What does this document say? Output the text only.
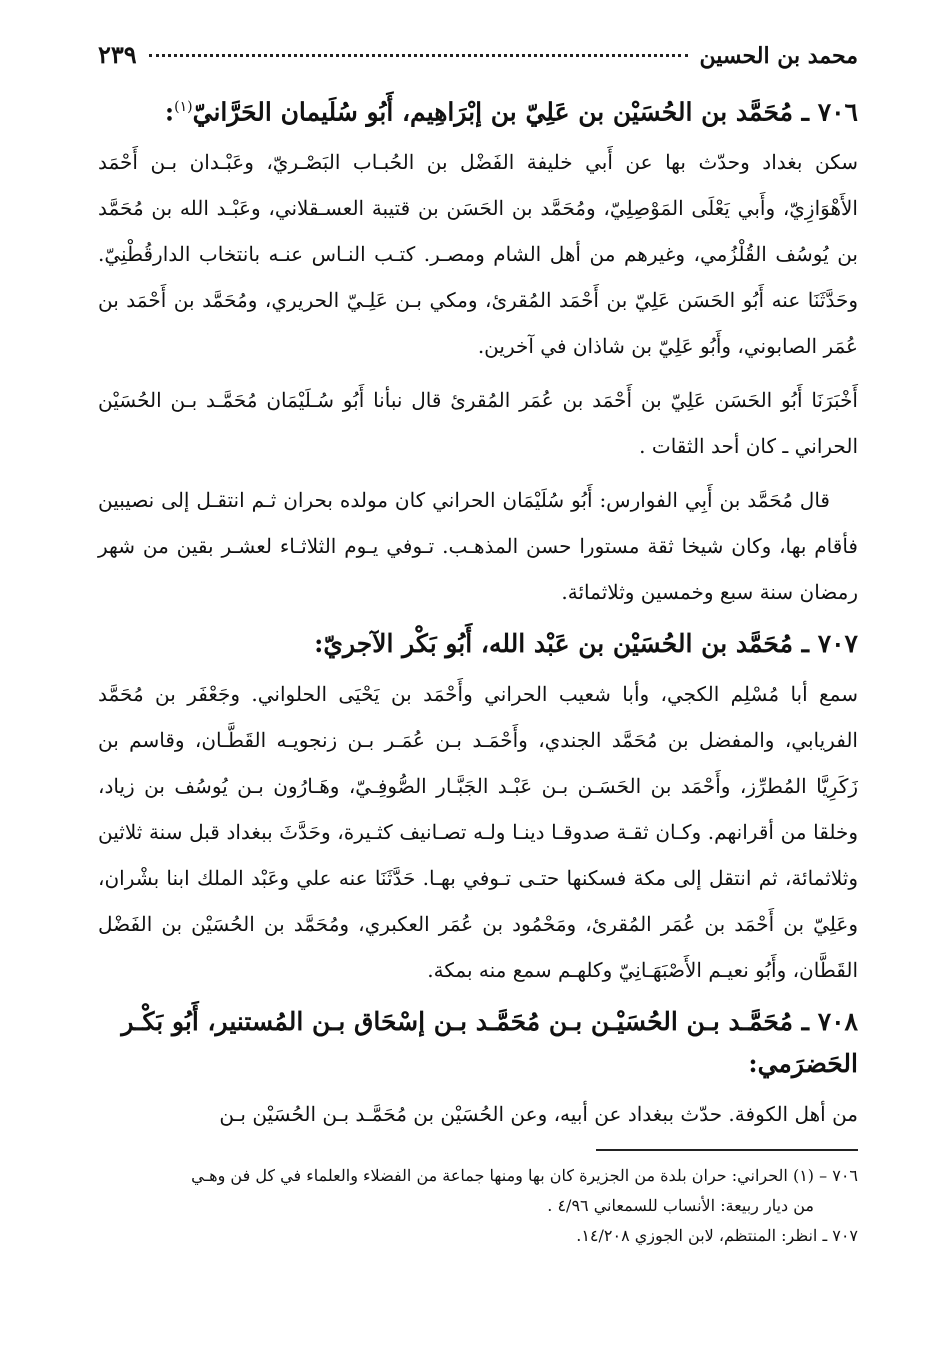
محمد بن الحسين
٢٣٩
٧٠٦ ـ مُحَمَّد بن الحُسَيْن بن عَلِيّ بن إبْرَاهِيم، أَبُو سُلَيمان الحَرَّانيّ$^{(١)}$:

سكن بغداد وحدّث بها عن أَبي خليفة الفَضْل بن الحُبـاب البَصْـريّ، وعَبْـدان بـن أَحْمَد الأَهْوَازِيّ، وأَبي يَعْلَى المَوْصِلِيّ، ومُحَمَّد بن الحَسَن بن قتيبة العسـقلاني، وعَبْـد الله بن مُحَمَّد بن يُوسُف القُلْزُمي، وغيرهم من أهل الشام ومصـر. كتـب النـاس عنـه بانتخاب الدارقُطْنِيّ. وحَدَّثَنَا عنه أَبُو الحَسَن عَلِيّ بن أَحْمَد المُقرئ، ومكي بـن عَلِـيّ الحريري، ومُحَمَّد بن أَحْمَد بن عُمَر الصابوني، وأَبُو عَلِيّ بن شاذان في آخرين.

أَخْبَرَنَا أَبُو الحَسَن عَلِيّ بن أَحْمَد بن عُمَر المُقرئ قال نبأنا أَبُو سُـلَيْمَان مُحَمَّـد بـن الحُسَيْن الحراني ـ كان أحد الثقات .

قال مُحَمَّد بن أَبِي الفوارس: أَبُو سُلَيْمَان الحراني كان مولده بحران ثـم انتقـل إلى نصيبين فأقام بها، وكان شيخا ثقة مستورا حسن المذهـب. تـوفي يـوم الثلاثـاء لعشـر بقين من شهر رمضان سنة سبع وخمسين وثلاثمائة.

٧٠٧ ـ مُحَمَّد بن الحُسَيْن بن عَبْد الله، أَبُو بَكْر الآجريّ:

سمع أبا مُسْلِم الكجي، وأبا شعيب الحراني وأَحْمَد بن يَحْيَى الحلواني. وجَعْفَر بن مُحَمَّد الفريابي، والمفضل بن مُحَمَّد الجندي، وأَحْمَـد بـن عُمَـر بـن زنجويـه القَطَّـان، وقاسم بن زَكَرِيَّا المُطرِّز، وأَحْمَد بن الحَسَـن بـن عَبْـد الجَبَّـار الصُّوفِـيّ، وهَـارُون بـن يُوسُف بن زياد، وخلقا من أقرانهم. وكـان ثقـة صدوقـا دينـا ولـه تصـانيف كثـيرة، وحَدَّثَ ببغداد قبل سنة ثلاثين وثلاثمائة، ثم انتقل إلى مكة فسكنها حتـى تـوفي بهـا. حَدَّثَنَا عنه علي وعَبْد الملك ابنا بشْران، وعَلِيّ بن أَحْمَد بن عُمَر المُقرئ، ومَحْمُود بن عُمَر العكبري، ومُحَمَّد بن الحُسَيْن بن الفَضْل القَطَّان، وأَبُو نعيـم الأَصْبَهَـانِيّ وكلهـم سمع منه بمكة.

٧٠٨ ـ مُحَمَّـد بـن الحُسَيْـن بـن مُحَمَّـد بـن إسْحَاق بـن المُستنير، أَبُو بَكْـر الحَضرَمي:

من أهل الكوفة. حدّث ببغداد عن أبيه، وعن الحُسَيْن بن مُحَمَّـد بـن الحُسَيْن بـن

٧٠٦ – (١) الحراني: حران بلدة من الجزيرة كان بها ومنها جماعة من الفضلاء والعلماء في كل فن وهـي

من ديار ربيعة: الأنساب للسمعاني ٤/٩٦ .

٧٠٧ ـ انظر: المنتظم، لابن الجوزي ١٤/٢٠٨.
